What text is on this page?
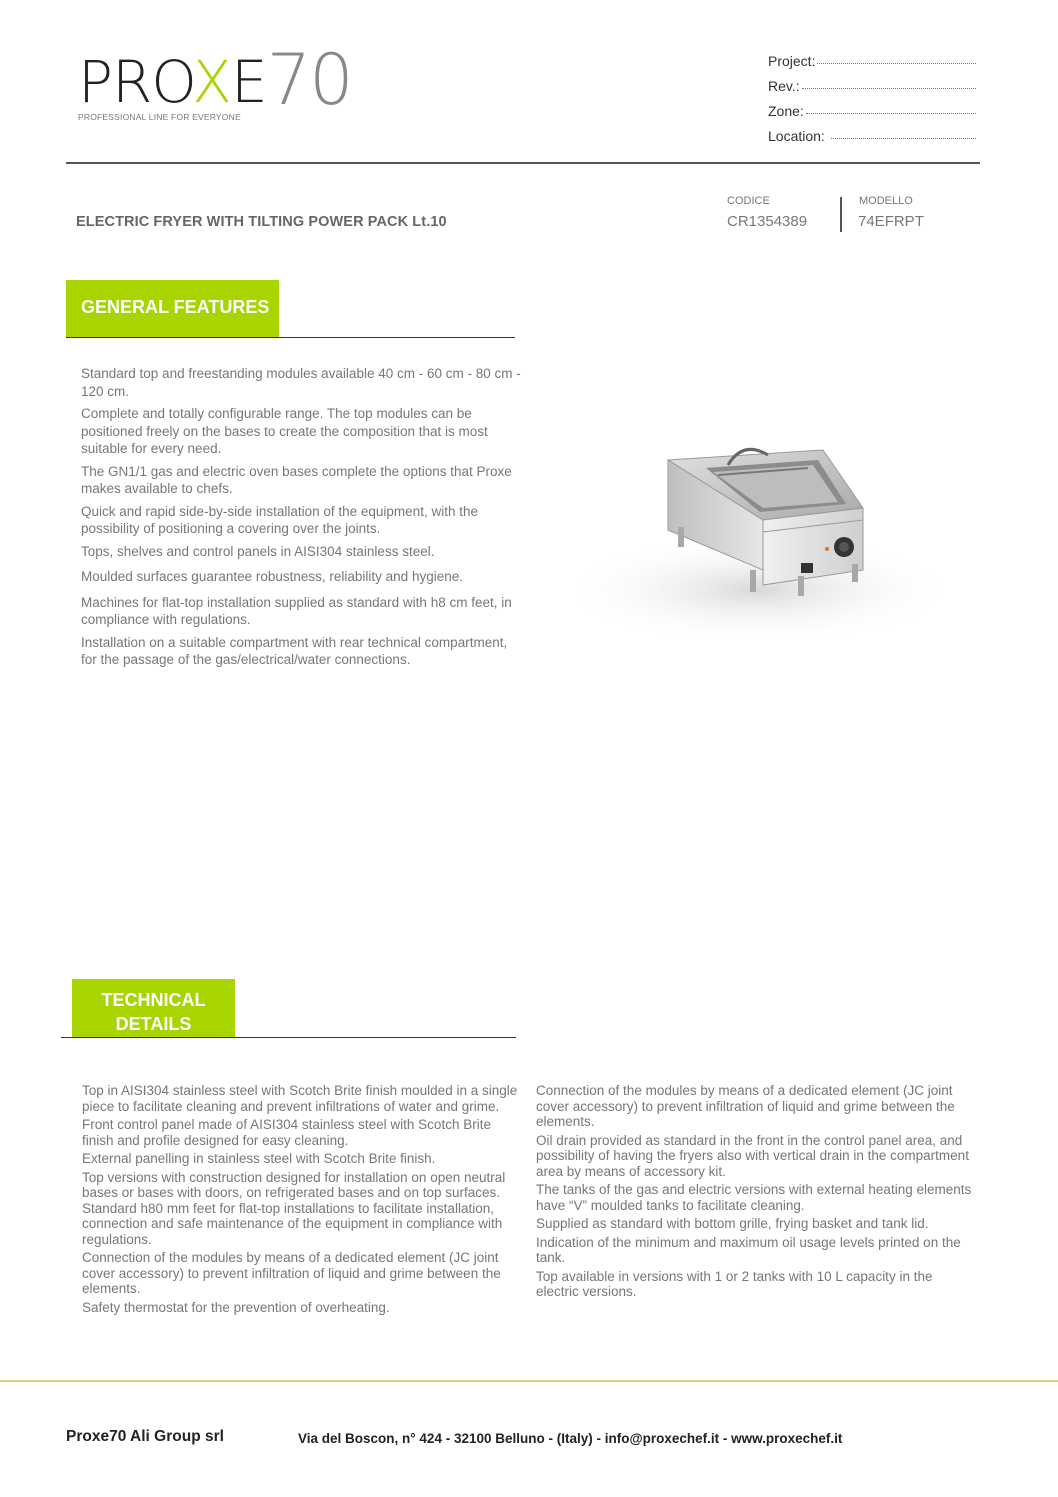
PROXE70
PROFESSIONAL LINE FOR EVERYONE
Project:
Rev.:
Zone:
Location:
ELECTRIC FRYER WITH TILTING POWER PACK Lt.10
CODICE
CR1354389
MODELLO
74EFRPT
GENERAL FEATURES

Standard top and freestanding modules available 40 cm - 60 cm - 80 cm - 120 cm.

Complete and totally configurable range. The top modules can be positioned freely on the bases to create the composition that is most suitable for every need.

The GN1/1 gas and electric oven bases complete the options that Proxe makes available to chefs.

Quick and rapid side-by-side installation of the equipment, with the possibility of positioning a covering over the joints.

Tops, shelves and control panels in AISI304 stainless steel.

Moulded surfaces guarantee robustness, reliability and hygiene.

Machines for flat-top installation supplied as standard with h8 cm feet, in compliance with regulations.

Installation on a suitable compartment with rear technical compartment, for the passage of the gas/electrical/water connections.

TECHNICAL
DETAILS

Top in AISI304 stainless steel with Scotch Brite finish moulded in a single piece to facilitate cleaning and prevent infiltrations of water and grime.

Front control panel made of AISI304 stainless steel with Scotch Brite finish and profile designed for easy cleaning.

External panelling in stainless steel with Scotch Brite finish.

Top versions with construction designed for installation on open neutral bases or bases with doors, on refrigerated bases and on top surfaces. Standard h80 mm feet for flat-top installations to facilitate installation, connection and safe maintenance of the equipment in compliance with regulations.

Connection of the modules by means of a dedicated element (JC joint cover accessory) to prevent infiltration of liquid and grime between the elements.

Safety thermostat for the prevention of overheating.

Connection of the modules by means of a dedicated element (JC joint cover accessory) to prevent infiltration of liquid and grime between the elements.

Oil drain provided as standard in the front in the control panel area, and possibility of having the fryers also with vertical drain in the compartment area by means of accessory kit.

The tanks of the gas and electric versions with external heating elements have “V” moulded tanks to facilitate cleaning.

Supplied as standard with bottom grille, frying basket and tank lid.

Indication of the minimum and maximum oil usage levels printed on the tank.

Top available in versions with 1 or 2 tanks with 10 L capacity in the electric versions.

Proxe70 Ali Group srl	Via del Boscon, n° 424 - 32100 Belluno - (Italy) - info@proxechef.it - www.proxechef.it
